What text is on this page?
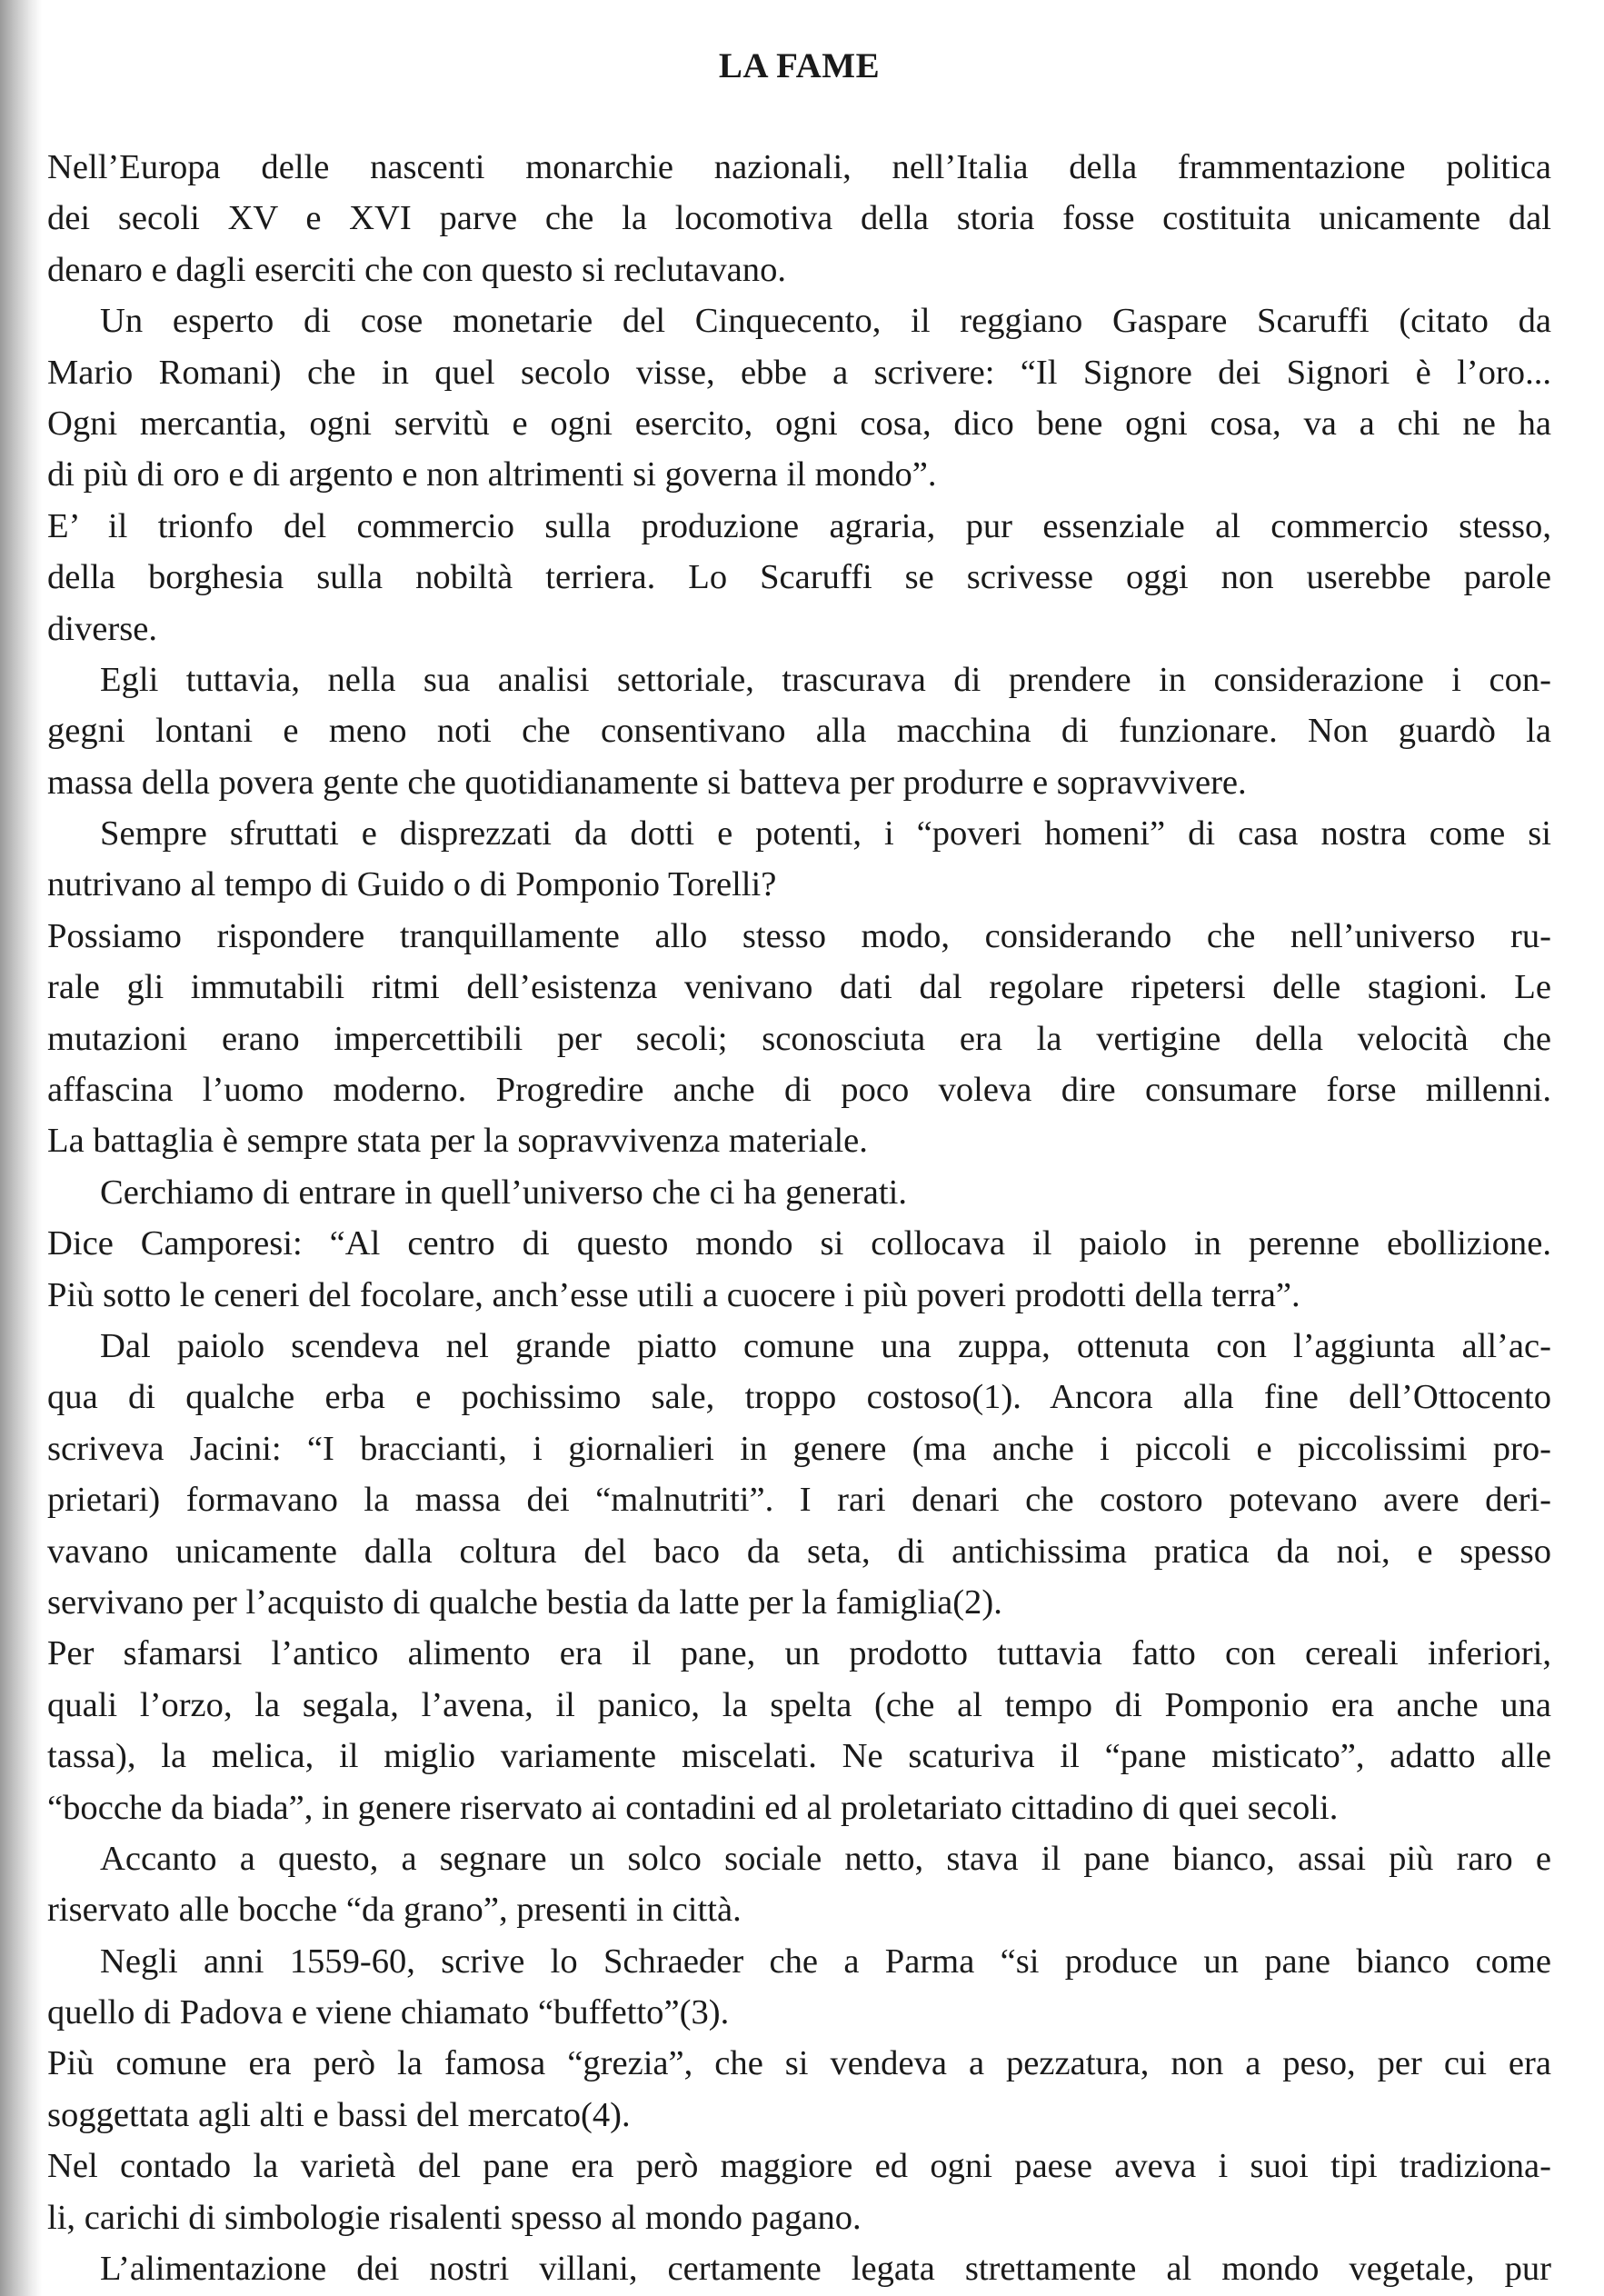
LA FAME
Nell’Europa delle nascenti monarchie nazionali, nell’Italia della frammentazione politica
dei secoli XV e XVI parve che la locomotiva della storia fosse costituita unicamente dal
denaro e dagli eserciti che con questo si reclutavano.
Un esperto di cose monetarie del Cinquecento, il reggiano Gaspare Scaruffi (citato da
Mario Romani) che in quel secolo visse, ebbe a scrivere: “Il Signore dei Signori è l’oro...
Ogni mercantia, ogni servitù e ogni esercito, ogni cosa, dico bene ogni cosa, va a chi ne ha
di più di oro e di argento e non altrimenti si governa il mondo”.
E’ il trionfo del commercio sulla produzione agraria, pur essenziale al commercio stesso,
della borghesia sulla nobiltà terriera. Lo Scaruffi se scrivesse oggi non userebbe parole
diverse.
Egli tuttavia, nella sua analisi settoriale, trascurava di prendere in considerazione i con-
gegni lontani e meno noti che consentivano alla macchina di funzionare. Non guardò la
massa della povera gente che quotidianamente si batteva per produrre e sopravvivere.
Sempre sfruttati e disprezzati da dotti e potenti, i “poveri homeni” di casa nostra come si
nutrivano al tempo di Guido o di Pomponio Torelli?
Possiamo rispondere tranquillamente allo stesso modo, considerando che nell’universo ru-
rale gli immutabili ritmi dell’esistenza venivano dati dal regolare ripetersi delle stagioni. Le
mutazioni erano impercettibili per secoli; sconosciuta era la vertigine della velocità che
affascina l’uomo moderno. Progredire anche di poco voleva dire consumare forse millenni.
La battaglia è sempre stata per la sopravvivenza materiale.
Cerchiamo di entrare in quell’universo che ci ha generati.
Dice Camporesi: “Al centro di questo mondo si collocava il paiolo in perenne ebollizione.
Più sotto le ceneri del focolare, anch’esse utili a cuocere i più poveri prodotti della terra”.
Dal paiolo scendeva nel grande piatto comune una zuppa, ottenuta con l’aggiunta all’ac-
qua di qualche erba e pochissimo sale, troppo costoso(1). Ancora alla fine dell’Ottocento
scriveva Jacini: “I braccianti, i giornalieri in genere (ma anche i piccoli e piccolissimi pro-
prietari) formavano la massa dei “malnutriti”. I rari denari che costoro potevano avere deri-
vavano unicamente dalla coltura del baco da seta, di antichissima pratica da noi, e spesso
servivano per l’acquisto di qualche bestia da latte per la famiglia(2).
Per sfamarsi l’antico alimento era il pane, un prodotto tuttavia fatto con cereali inferiori,
quali l’orzo, la segala, l’avena, il panico, la spelta (che al tempo di Pomponio era anche una
tassa), la melica, il miglio variamente miscelati. Ne scaturiva il “pane misticato”, adatto alle
“bocche da biada”, in genere riservato ai contadini ed al proletariato cittadino di quei secoli.
Accanto a questo, a segnare un solco sociale netto, stava il pane bianco, assai più raro e
riservato alle bocche “da grano”, presenti in città.
Negli anni 1559-60, scrive lo Schraeder che a Parma “si produce un pane bianco come
quello di Padova e viene chiamato “buffetto”(3).
Più comune era però la famosa “grezia”, che si vendeva a pezzatura, non a peso, per cui era
soggettata agli alti e bassi del mercato(4).
Nel contado la varietà del pane era però maggiore ed ogni paese aveva i suoi tipi tradiziona-
li, carichi di simbologie risalenti spesso al mondo pagano.
L’alimentazione dei nostri villani, certamente legata strettamente al mondo vegetale, pur
